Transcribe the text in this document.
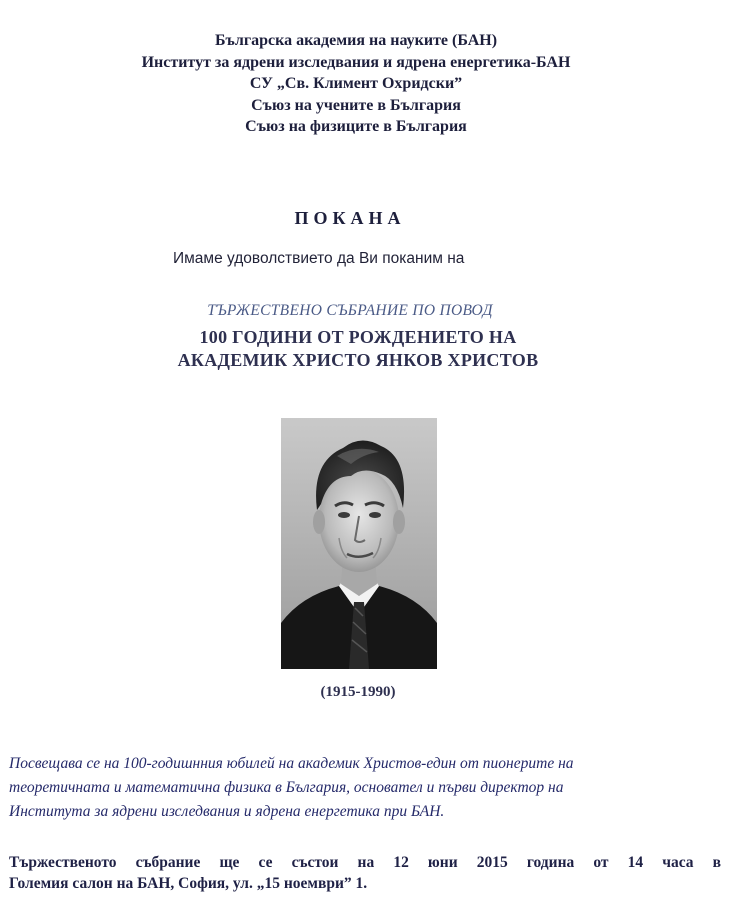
Българска академия на науките (БАН)
Институт за ядрени изследвания и ядрена енергетика-БАН
СУ „Св. Климент Охридски”
Съюз на учените в България
Съюз на физиците в България
ПОКАНА
Имаме удоволствието да Ви поканим на
ТЪРЖЕСТВЕНО СЪБРАНИЕ ПО ПОВОД
100 ГОДИНИ ОТ РОЖДЕНИЕТО НА
АКАДЕМИК ХРИСТО ЯНКОВ ХРИСТОВ
(1915-1990)
Посвещава се на 100-годишнния юбилей на академик Христов-един от пионерите на
теоретичната и математична физика в България, основател и първи директор на
Института за ядрени изследвания и ядрена енергетика при БАН.
Тържественото събрание ще се състои на 12 юни 2015 година от 14 часа в
Големия салон на БАН, София, ул. „15 ноември” 1.
